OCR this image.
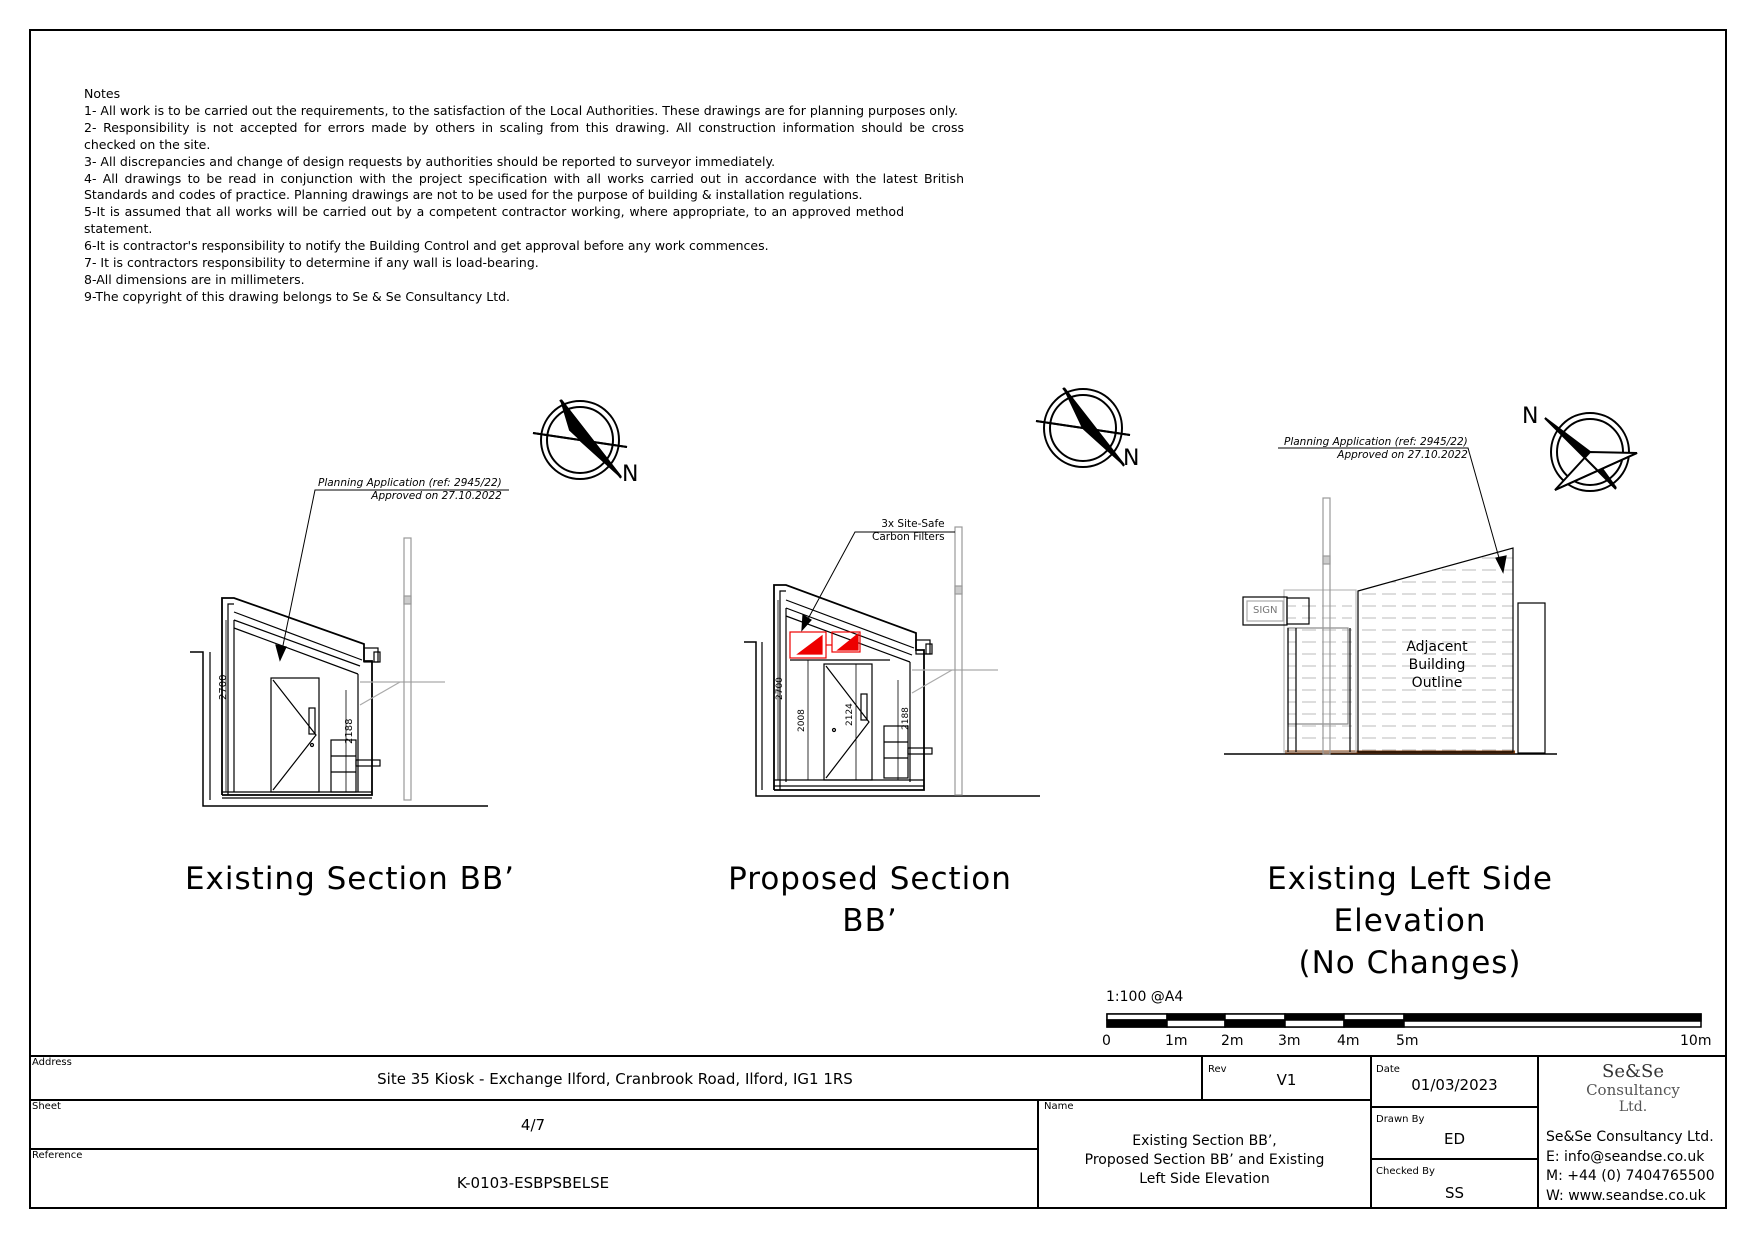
Notes
1- All work is to be carried out the requirements, to the satisfaction of the Local Authorities. These drawings are for planning purposes only.
2- Responsibility is not accepted for errors made by others in scaling from this drawing. All construction information should be cross checked on the site.
3- All discrepancies and change of design requests by authorities should be reported to surveyor immediately.
4- All drawings to be read in conjunction with the project specification with all works carried out in accordance with the latest British Standards and codes of practice. Planning drawings are not to be used for the purpose of building & installation regulations.
5-It is assumed that all works will be carried out by a competent contractor working, where appropriate, to an approved method statement.
6-It is contractor's responsibility to notify the Building Control and get approval before any work commences.
7- It is contractors responsibility to determine if any wall is load-bearing.
8-All dimensions are in millimeters.
9-The copyright of this drawing belongs to Se & Se Consultancy Ltd.
Planning Application (ref: 2945/22)
Approved on 27.10.2022
2700
2188
N
3x Site-Safe
Carbon Filters
2700
2008	2124	2188
N
Planning Application (ref: 2945/22)
Approved on 27.10.2022
SIGN
Adjacent
Building
Outline
N
Existing Section BB’	Proposed Section BB’
Existing Left Side Elevation
(No Changes)
1:100 @A4
0	1m 2m 3m	4m	5m	10m
Address
Site 35 Kiosk - Exchange Ilford, Cranbrook Road, Ilford, IG1 1RS
Rev
V1
Date
01/03/2023
Sheet
4/7
Reference
K-0103-ESBPSBELSE
Name
Existing Section BB’,
Proposed Section BB’ and Existing
Left Side Elevation
Drawn By
ED
Checked By
SS
Se&Se
Consultancy
Ltd.
Se&Se Consultancy Ltd.
E: info@seandse.co.uk
M: +44 (0) 7404765500
W: www.seandse.co.uk
